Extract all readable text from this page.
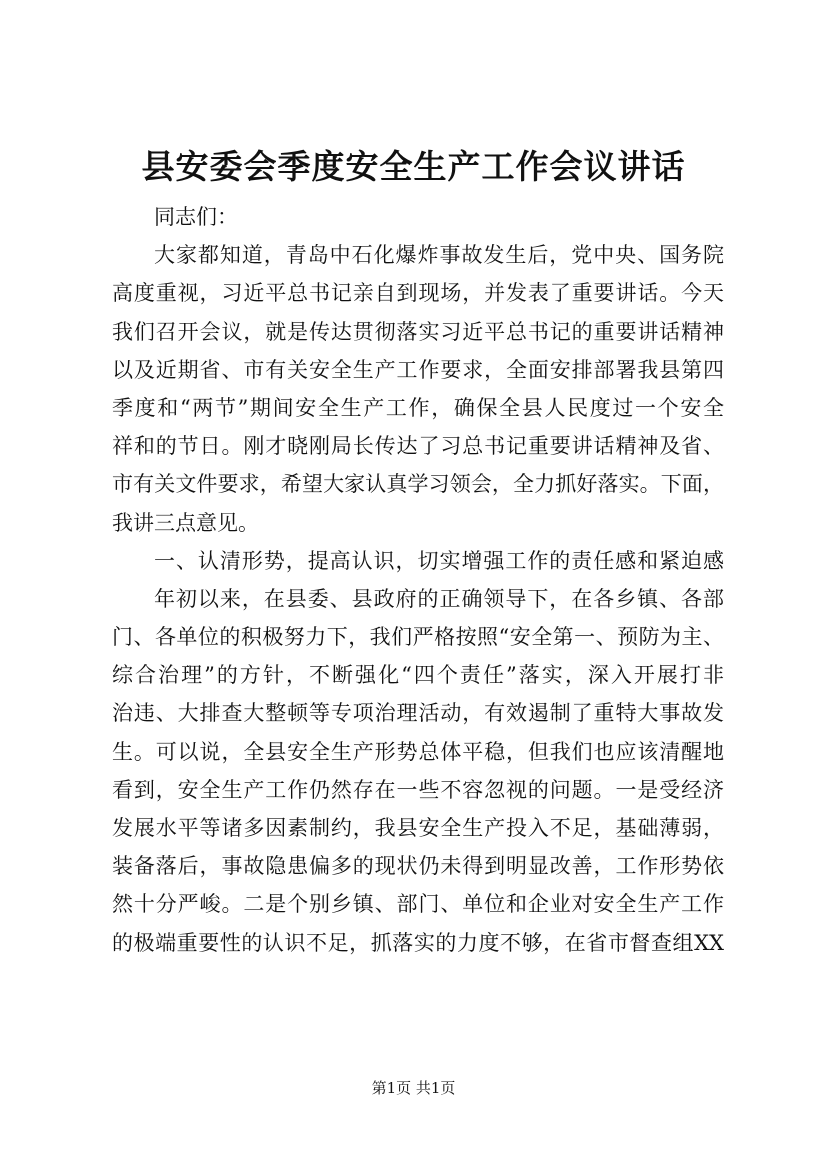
县安委会季度安全生产工作会议讲话
同志们：
大家都知道，青岛中石化爆炸事故发生后，党中央、国务院
高度重视，习近平总书记亲自到现场，并发表了重要讲话。今天
我们召开会议，就是传达贯彻落实习近平总书记的重要讲话精神
以及近期省、市有关安全生产工作要求，全面安排部署我县第四
季度和“两节”期间安全生产工作，确保全县人民度过一个安全
祥和的节日。刚才晓刚局长传达了习总书记重要讲话精神及省、
市有关文件要求，希望大家认真学习领会，全力抓好落实。下面，
我讲三点意见。
一、认清形势，提高认识，切实增强工作的责任感和紧迫感
年初以来，在县委、县政府的正确领导下，在各乡镇、各部
门、各单位的积极努力下，我们严格按照“安全第一、预防为主、
综合治理”的方针，不断强化“四个责任”落实，深入开展打非
治违、大排查大整顿等专项治理活动，有效遏制了重特大事故发
生。可以说，全县安全生产形势总体平稳，但我们也应该清醒地
看到，安全生产工作仍然存在一些不容忽视的问题。一是受经济
发展水平等诸多因素制约，我县安全生产投入不足，基础薄弱，
装备落后，事故隐患偏多的现状仍未得到明显改善，工作形势依
然十分严峻。二是个别乡镇、部门、单位和企业对安全生产工作
的极端重要性的认识不足，抓落实的力度不够，在省市督查组XX
第1页 共1页
